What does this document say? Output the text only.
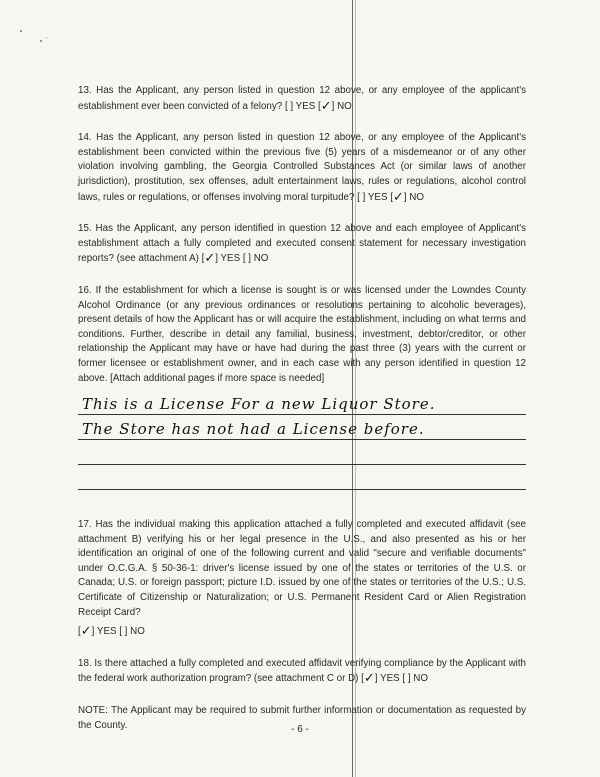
13. Has the Applicant, any person listed in question 12 above, or any employee of the applicant's establishment ever been convicted of a felony? [ ] YES [✓] NO

14. Has the Applicant, any person listed in question 12 above, or any employee of the Applicant's establishment been convicted within the previous five (5) years of a misdemeanor or of any other violation involving gambling, the Georgia Controlled Substances Act (or similar laws of another jurisdiction), prostitution, sex offenses, adult entertainment laws, rules or regulations, alcohol control laws, rules or regulations, or offenses involving moral turpitude? [ ] YES [✓] NO

15. Has the Applicant, any person identified in question 12 above and each employee of Applicant's establishment attach a fully completed and executed consent statement for necessary investigation reports? (see attachment A) [✓] YES [ ] NO

16. If the establishment for which a license is sought is or was licensed under the Lowndes County Alcohol Ordinance (or any previous ordinances or resolutions pertaining to alcoholic beverages), present details of how the Applicant has or will acquire the establishment, including on what terms and conditions. Further, describe in detail any familial, business, investment, debtor/creditor, or other relationship the Applicant may have or have had during the past three (3) years with the current or former licensee or establishment owner, and in each case with any person identified in question 12 above. [Attach additional pages if more space is needed]

This is a License For a new Liquor Store.
The Store has not had a License before.

17. Has the individual making this application attached a fully completed and executed affidavit (see attachment B) verifying his or her legal presence in the U.S., and also presented as his or her identification an original of one of the following current and valid "secure and verifiable documents" under O.C.G.A. § 50-36-1: driver's license issued by one of the states or territories of the U.S. or Canada; U.S. or foreign passport; picture I.D. issued by one of the states or territories of the U.S.; U.S. Certificate of Citizenship or Naturalization; or U.S. Permanent Resident Card or Alien Registration Receipt Card?

[✓] YES [ ] NO

18. Is there attached a fully completed and executed affidavit verifying compliance by the Applicant with the federal work authorization program? (see attachment C or D) [✓] YES [ ] NO

NOTE: The Applicant may be required to submit further information or documentation as requested by the County.	- 6 -
